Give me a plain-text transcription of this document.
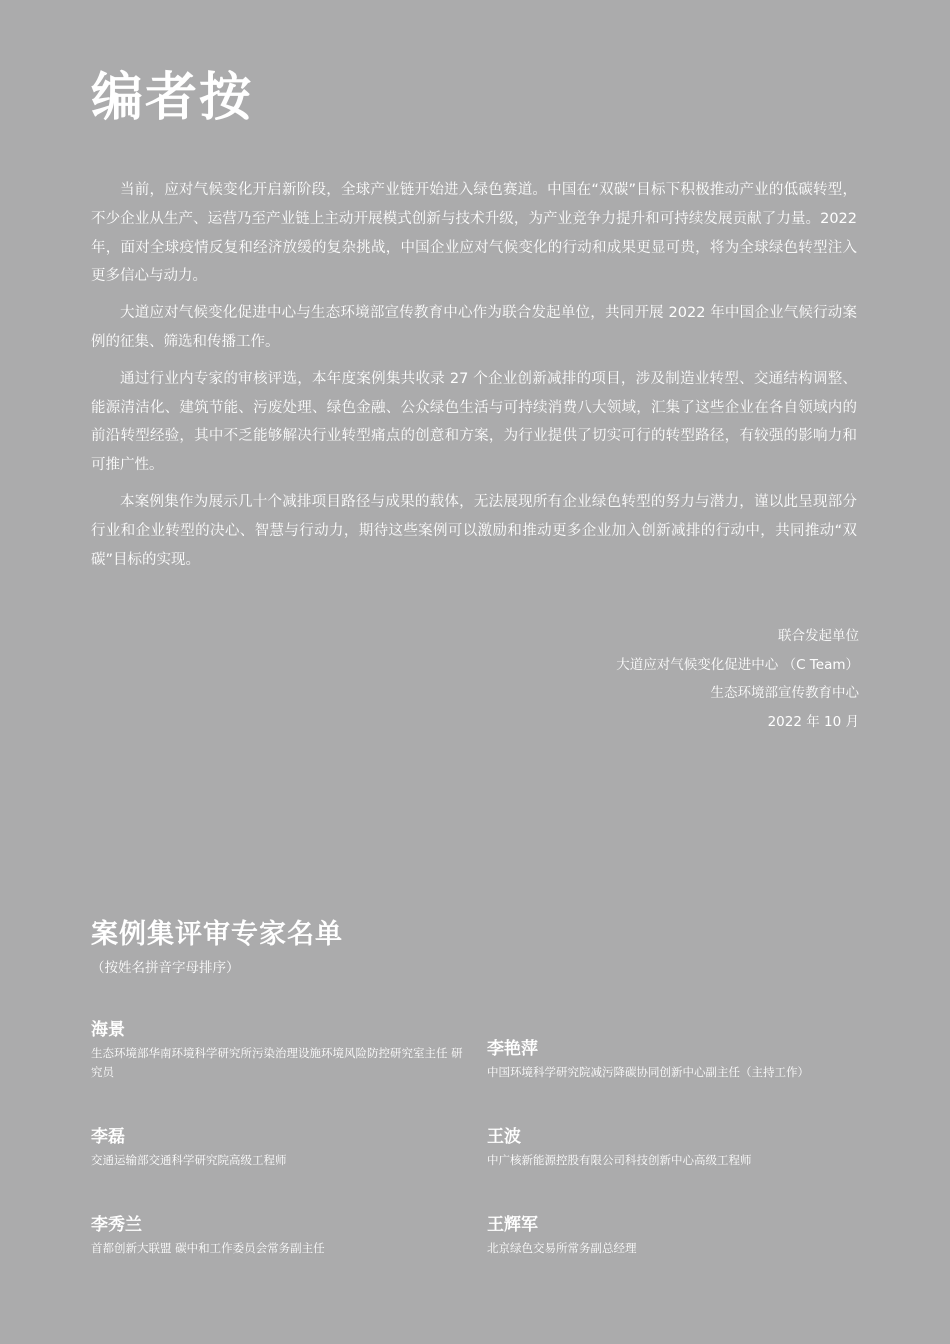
编者按

当前，应对气候变化开启新阶段，全球产业链开始进入绿色赛道。中国在“双碳”目标下积极推动产业的低碳转型，不少企业从生产、运营乃至产业链上主动开展模式创新与技术升级，为产业竞争力提升和可持续发展贡献了力量。2022 年，面对全球疫情反复和经济放缓的复杂挑战，中国企业应对气候变化的行动和成果更显可贵，将为全球绿色转型注入更多信心与动力。

大道应对气候变化促进中心与生态环境部宣传教育中心作为联合发起单位，共同开展 2022 年中国企业气候行动案例的征集、筛选和传播工作。

通过行业内专家的审核评选，本年度案例集共收录 27 个企业创新减排的项目，涉及制造业转型、交通结构调整、能源清洁化、建筑节能、污废处理、绿色金融、公众绿色生活与可持续消费八大领域，汇集了这些企业在各自领域内的前沿转型经验，其中不乏能够解决行业转型痛点的创意和方案，为行业提供了切实可行的转型路径，有较强的影响力和可推广性。

本案例集作为展示几十个减排项目路径与成果的载体，无法展现所有企业绿色转型的努力与潜力，谨以此呈现部分行业和企业转型的决心、智慧与行动力，期待这些案例可以激励和推动更多企业加入创新减排的行动中，共同推动“双碳”目标的实现。

联合发起单位
大道应对气候变化促进中心 （C Team）
生态环境部宣传教育中心
2022 年 10 月
案例集评审专家名单
（按姓名拼音字母排序）
海景
生态环境部华南环境科学研究所污染治理设施环境风险防控研究室主任 研究员
李艳萍
中国环境科学研究院减污降碳协同创新中心副主任（主持工作）
李磊
交通运输部交通科学研究院高级工程师
王波
中广核新能源控股有限公司科技创新中心高级工程师
李秀兰
首都创新大联盟 碳中和工作委员会常务副主任
王辉军
北京绿色交易所常务副总经理
